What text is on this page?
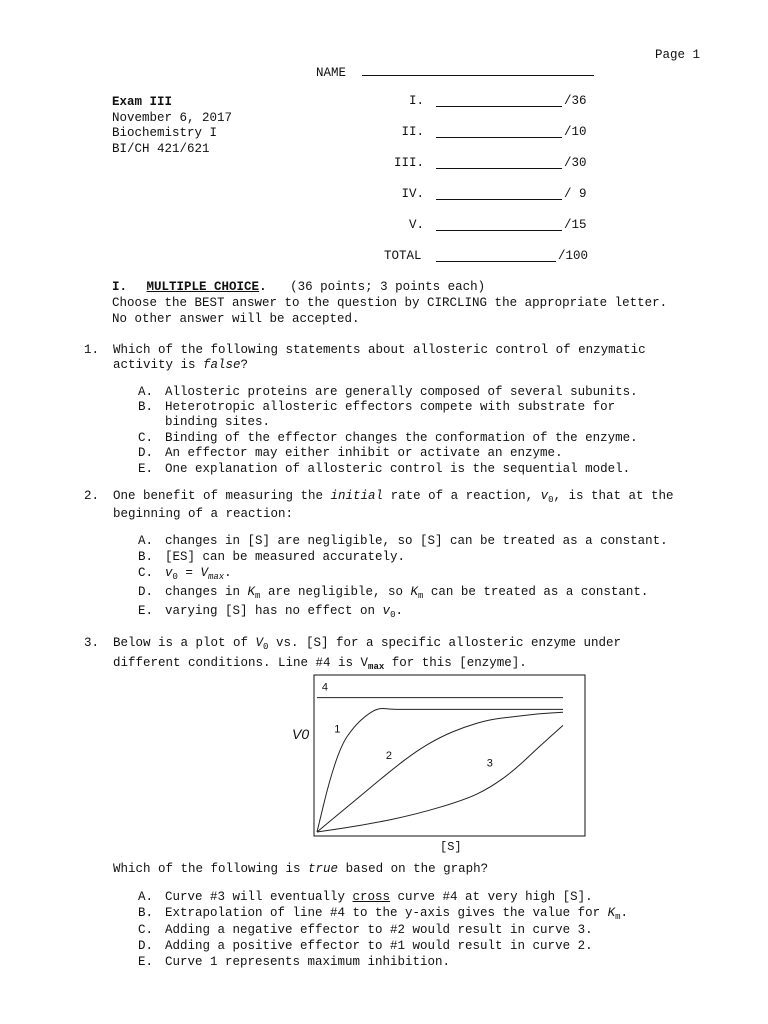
Page 1
NAME
Exam III
November 6, 2017
Biochemistry I
BI/CH 421/621
I.	/36
II.	/10
III.	/30
IV.	/ 9
V.	/15
TOTAL	/100
I. MULTIPLE CHOICE. (36 points; 3 points each)
Choose the BEST answer to the question by CIRCLING the appropriate letter.
No other answer will be accepted.
1. Which of the following statements about allosteric control of enzymatic
activity is false?
A. Allosteric proteins are generally composed of several subunits.
B. Heterotropic allosteric effectors compete with substrate for
binding sites.
C. Binding of the effector changes the conformation of the enzyme.
D. An effector may either inhibit or activate an enzyme.
E. One explanation of allosteric control is the sequential model.
2. One benefit of measuring the initial rate of a reaction, $v_0$, is that at the
beginning of a reaction:
A. changes in [S] are negligible, so [S] can be treated as a constant.
B. [ES] can be measured accurately.
C. $v_0 = V_{max}$.
D. changes in $K_m$ are negligible, so $K_m$ can be treated as a constant.
E. varying [S] has no effect on $v_0$.
3. Below is a plot of $V_0$ vs. [S] for a specific allosteric enzyme under
different conditions. Line #4 is $V_{max}$ for this [enzyme].
V0
4
1
2
3
[S]
Which of the following is true based on the graph?
A. Curve #3 will eventually cross curve #4 at very high [S].
B. Extrapolation of line #4 to the y-axis gives the value for $K_m$.
C. Adding a negative effector to #2 would result in curve 3.
D. Adding a positive effector to #1 would result in curve 2.
E. Curve 1 represents maximum inhibition.
